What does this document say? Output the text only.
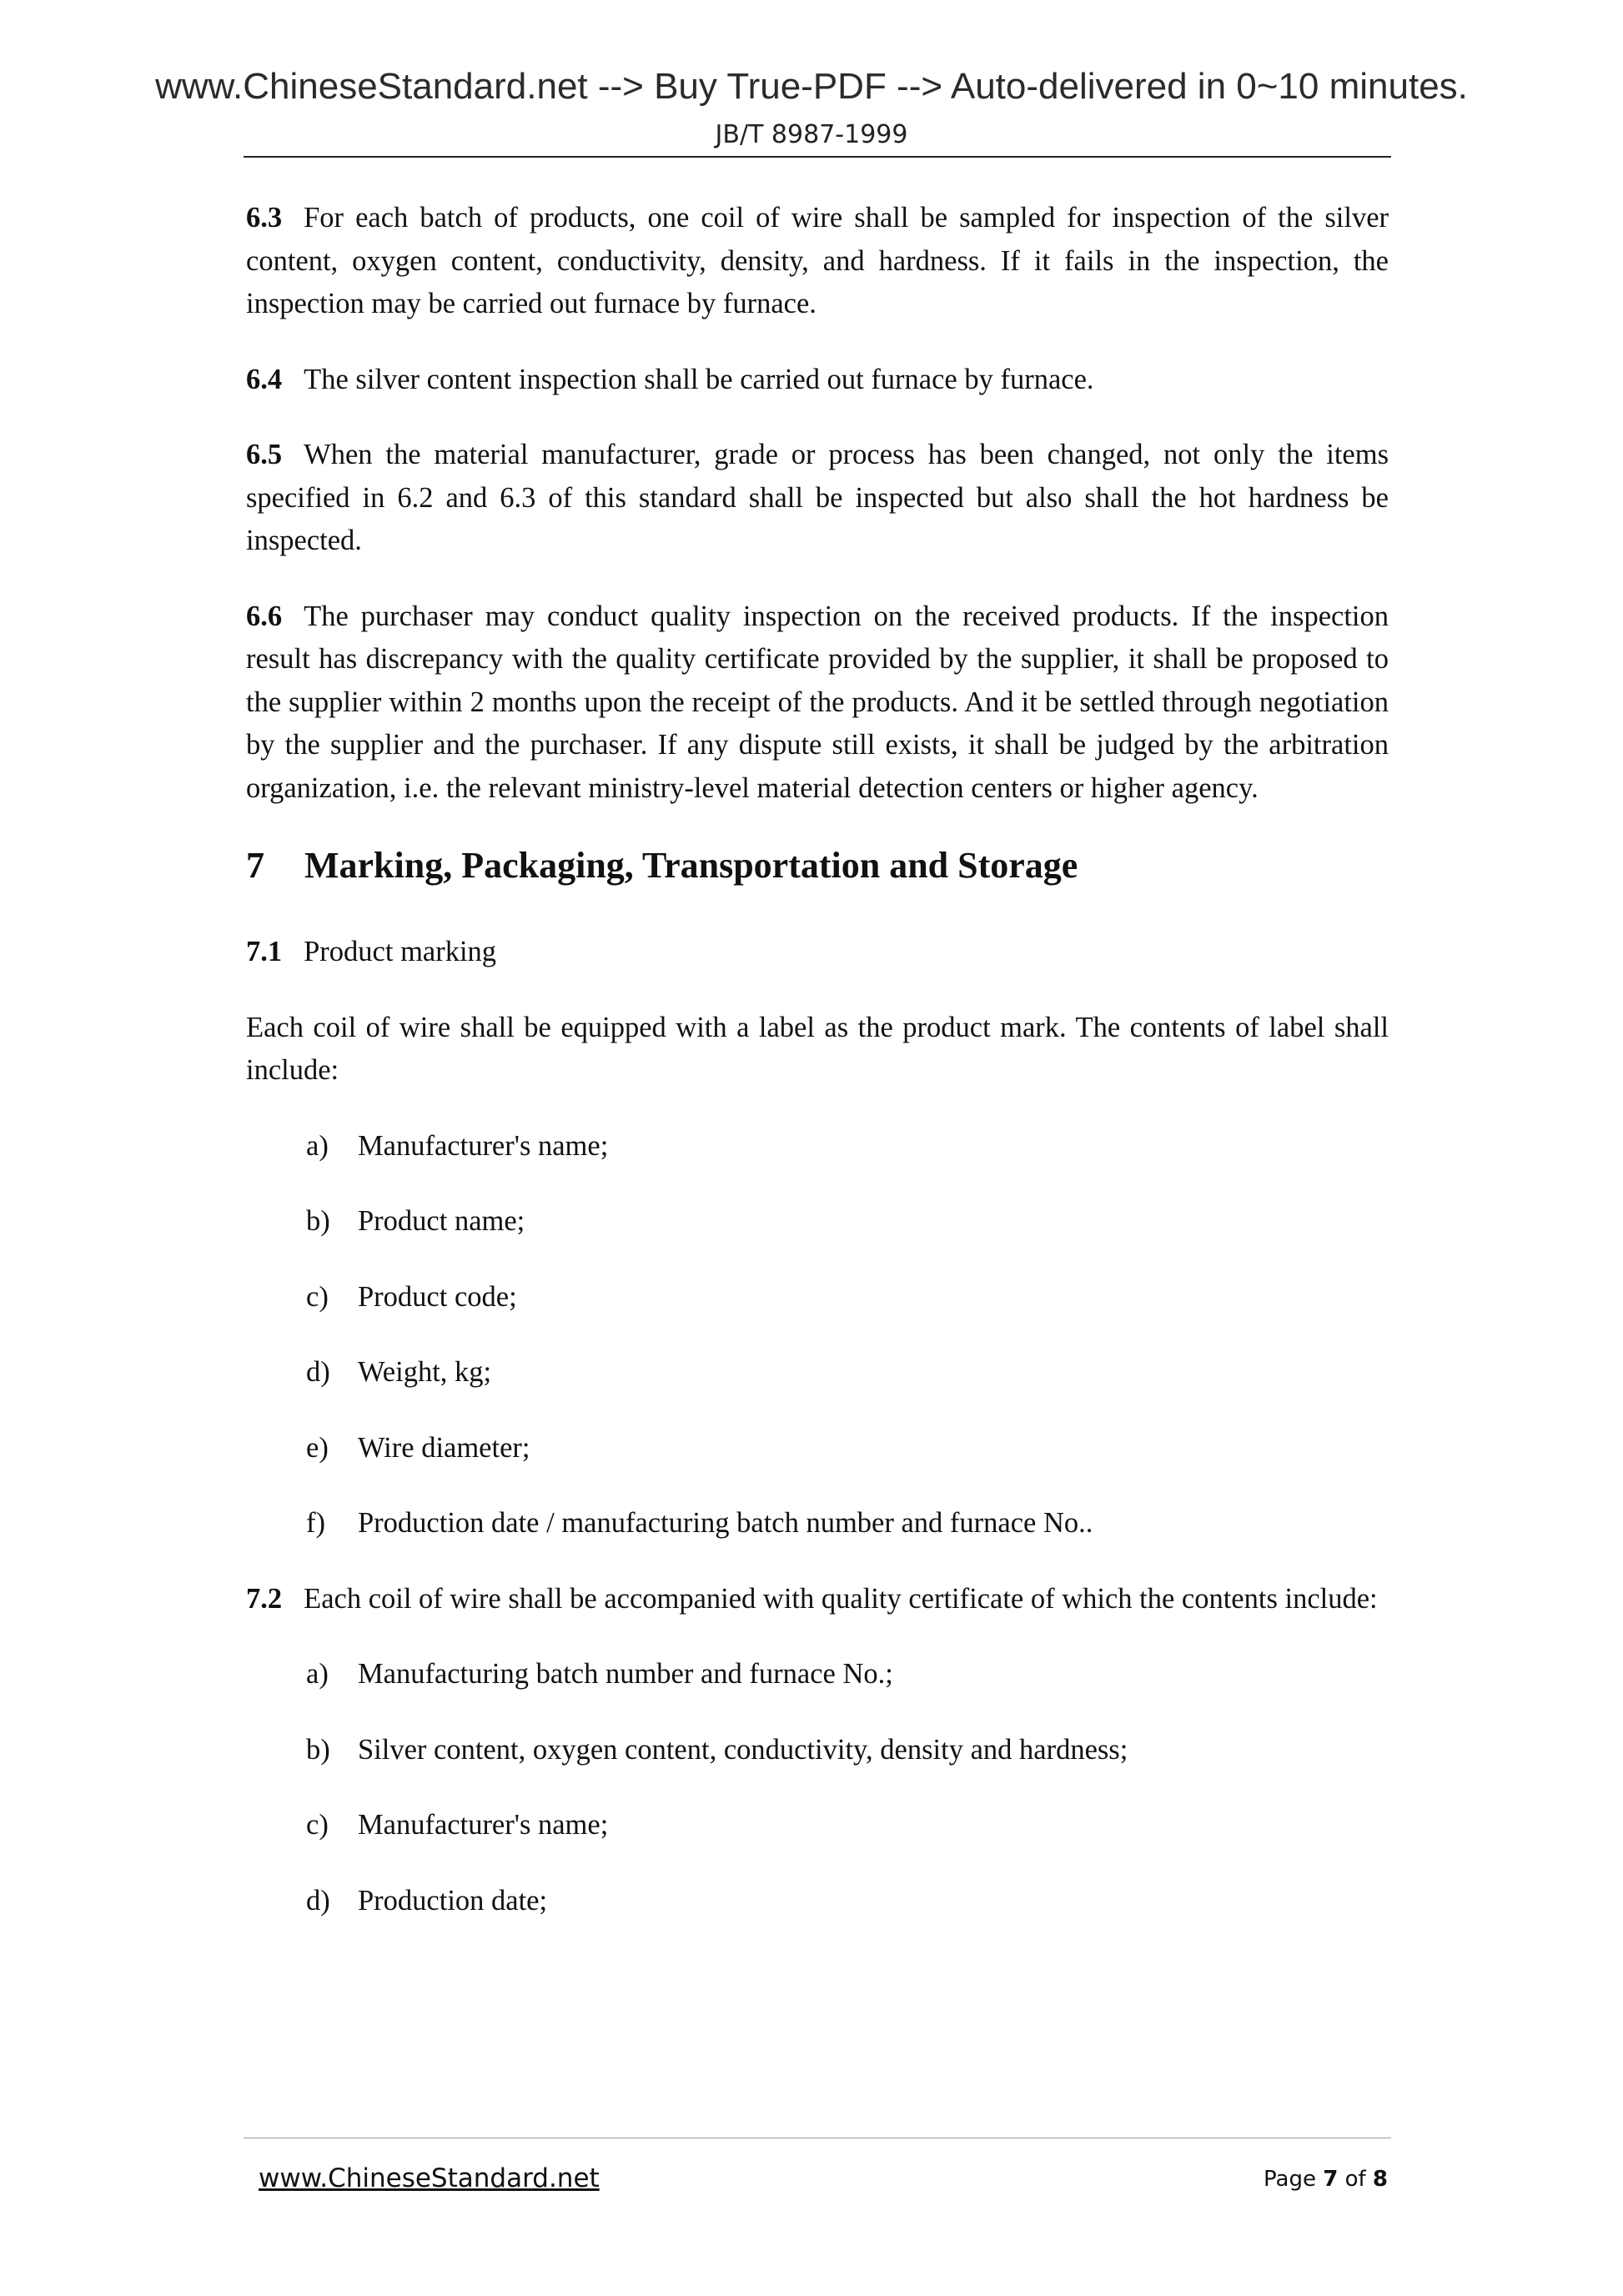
www.ChineseStandard.net --> Buy True-PDF --> Auto-delivered in 0~10 minutes.
JB/T 8987-1999

6.3 For each batch of products, one coil of wire shall be sampled for inspection of the silver content, oxygen content, conductivity, density, and hardness. If it fails in the inspection, the inspection may be carried out furnace by furnace.

6.4 The silver content inspection shall be carried out furnace by furnace.

6.5 When the material manufacturer, grade or process has been changed, not only the items specified in 6.2 and 6.3 of this standard shall be inspected but also shall the hot hardness be inspected.

6.6 The purchaser may conduct quality inspection on the received products. If the inspection result has discrepancy with the quality certificate provided by the supplier, it shall be proposed to the supplier within 2 months upon the receipt of the products. And it be settled through negotiation by the supplier and the purchaser. If any dispute still exists, it shall be judged by the arbitration organization, i.e. the relevant ministry-level material detection centers or higher agency.

7 Marking, Packaging, Transportation and Storage

7.1 Product marking

Each coil of wire shall be equipped with a label as the product mark. The contents of label shall include:

a) Manufacturer's name;
b) Product name;
c) Product code;
d) Weight, kg;
e) Wire diameter;
f) Production date / manufacturing batch number and furnace No..

7.2 Each coil of wire shall be accompanied with quality certificate of which the contents include:

a) Manufacturing batch number and furnace No.;
b) Silver content, oxygen content, conductivity, density and hardness;
c) Manufacturer's name;
d) Production date;
www.ChineseStandard.net	Page 7 of 8
